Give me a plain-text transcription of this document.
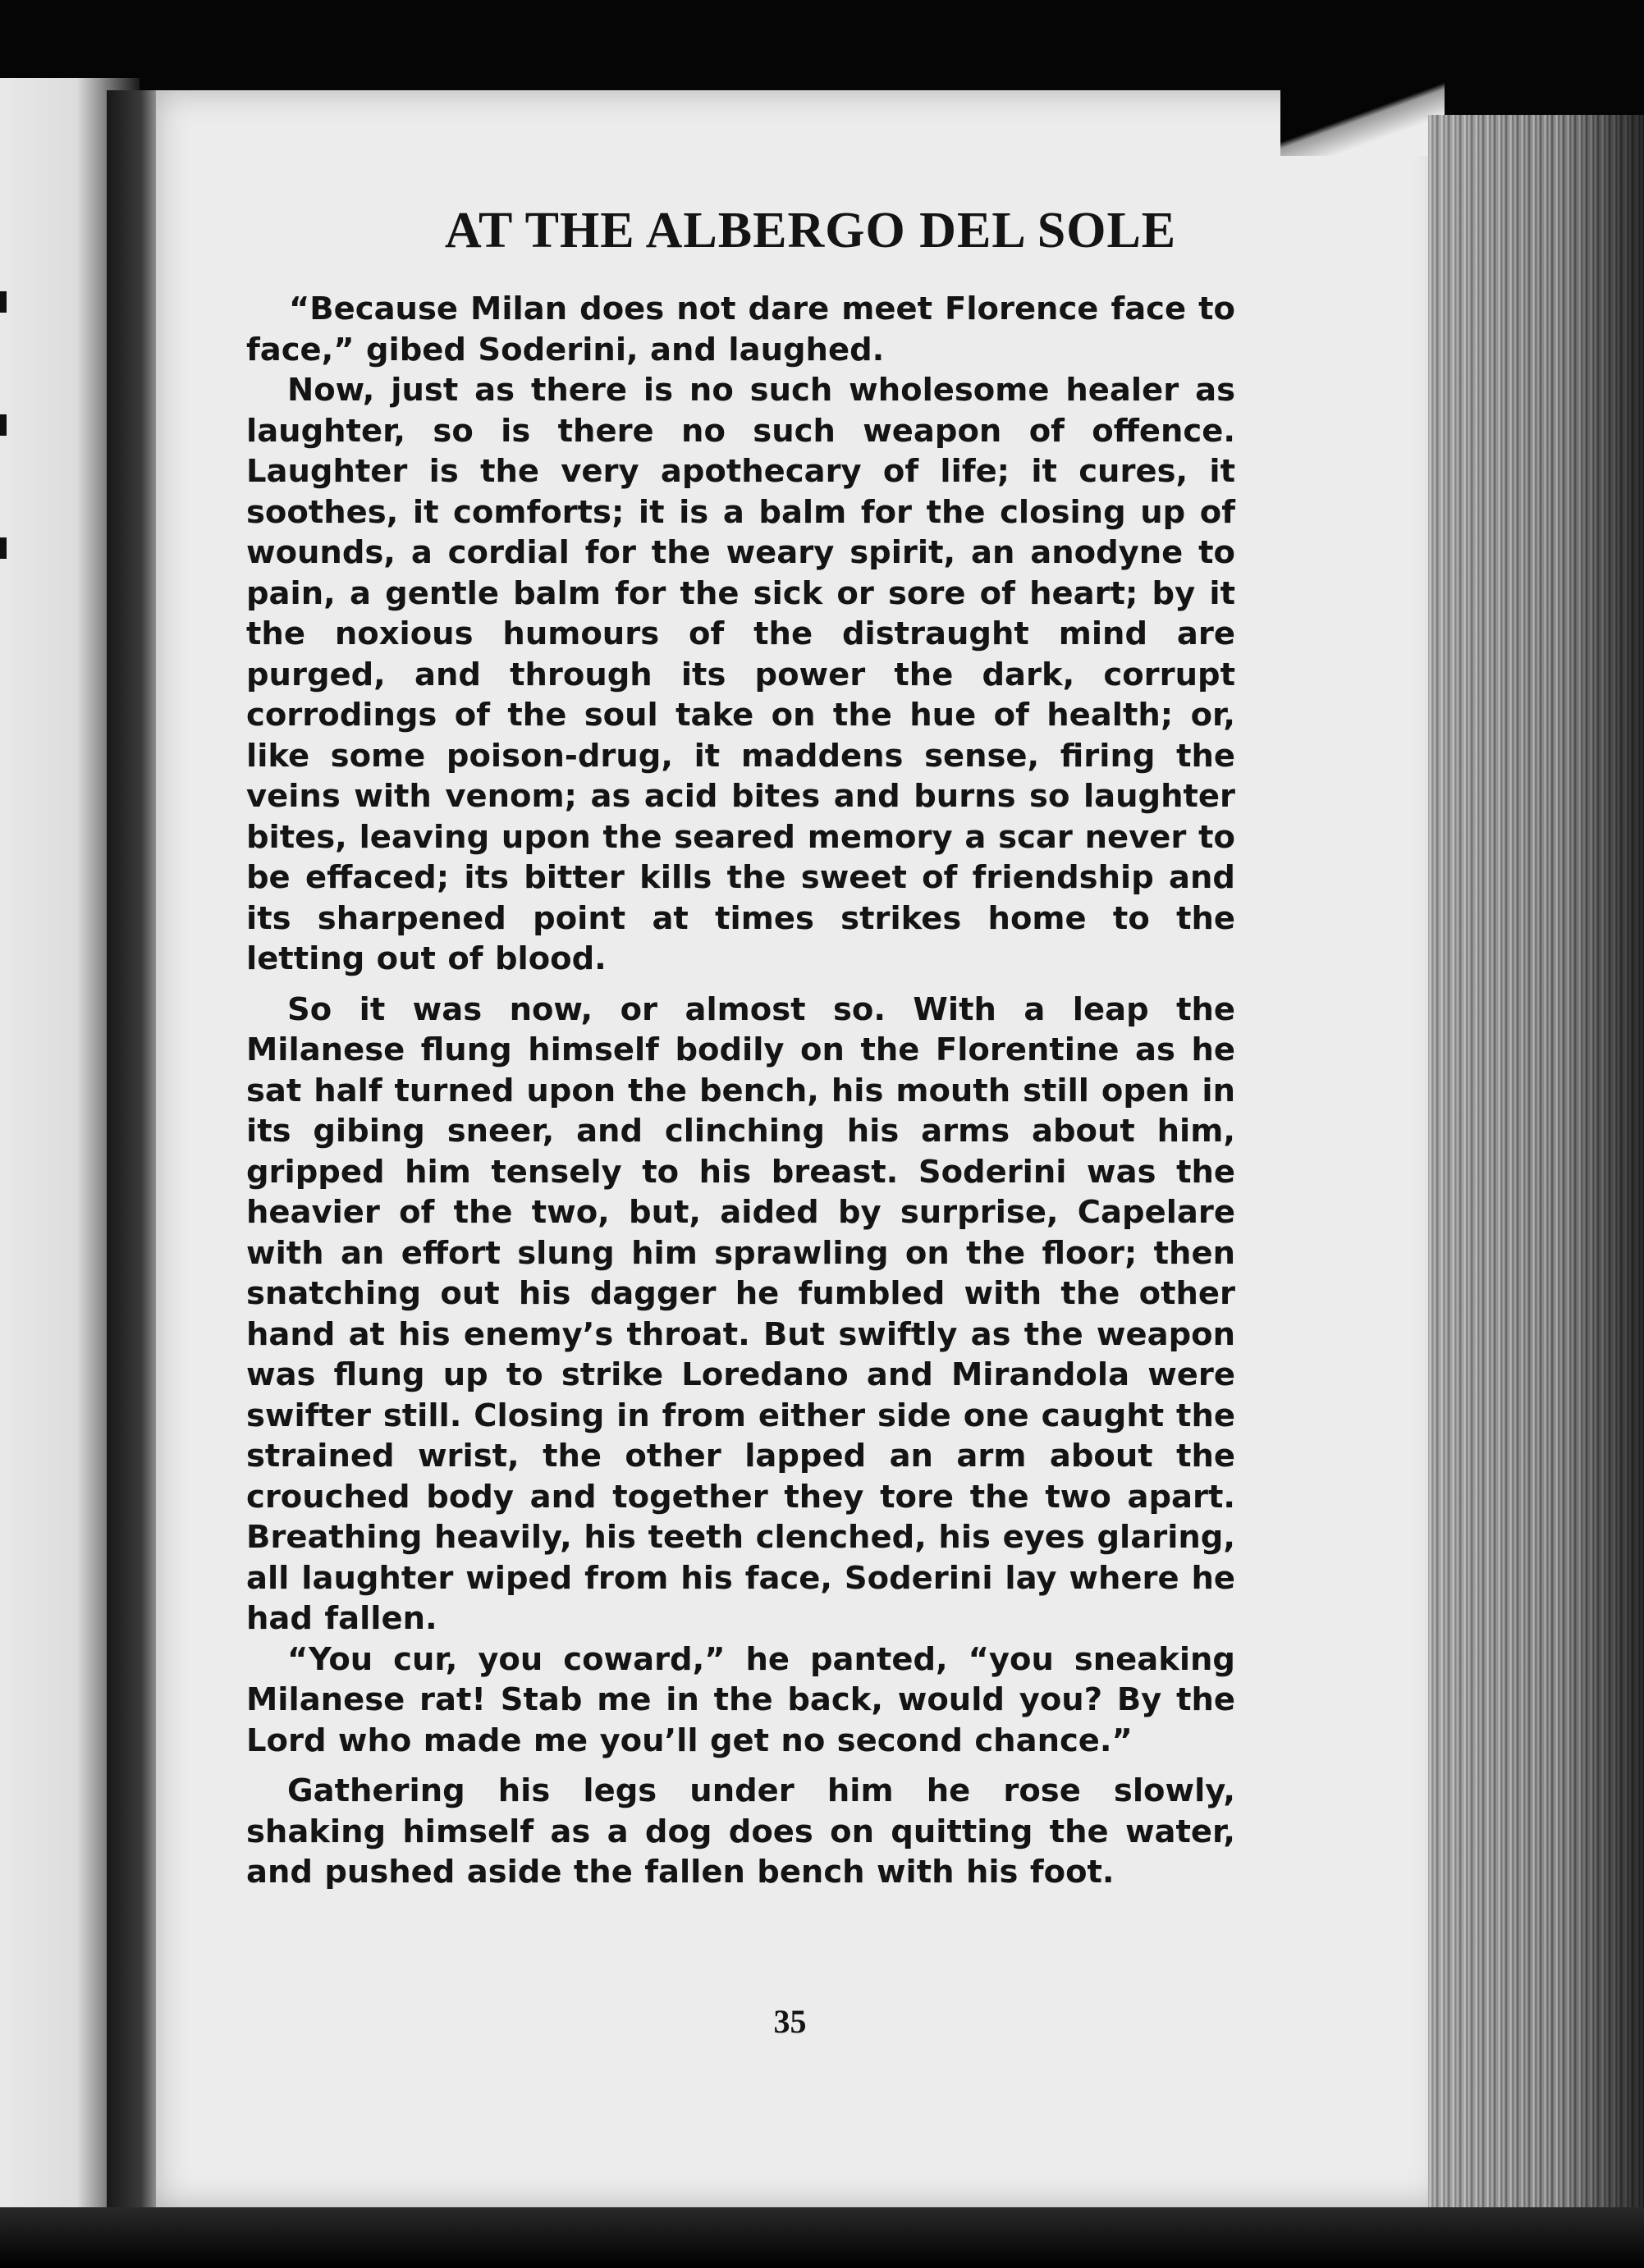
AT THE ALBERGO DEL SOLE

“Because Milan does not dare meet Florence face to face,” gibed Soderini, and laughed.

Now, just as there is no such wholesome healer as laughter, so is there no such weapon of offence. Laughter is the very apothecary of life; it cures, it soothes, it comforts; it is a balm for the closing up of wounds, a cordial for the weary spirit, an anodyne to pain, a gentle balm for the sick or sore of heart; by it the noxious humours of the distraught mind are purged, and through its power the dark, corrupt corrodings of the soul take on the hue of health; or, like some poison-drug, it maddens sense, firing the veins with venom; as acid bites and burns so laughter bites, leaving upon the seared memory a scar never to be effaced; its bitter kills the sweet of friendship and its sharpened point at times strikes home to the letting out of blood.

So it was now, or almost so. With a leap the Milanese flung himself bodily on the Florentine as he sat half turned upon the bench, his mouth still open in its gibing sneer, and clinching his arms about him, gripped him tensely to his breast. Soderini was the heavier of the two, but, aided by surprise, Capelare with an effort slung him sprawling on the floor; then snatching out his dagger he fumbled with the other hand at his enemy’s throat. But swiftly as the weapon was flung up to strike Loredano and Mirandola were swifter still. Closing in from either side one caught the strained wrist, the other lapped an arm about the crouched body and together they tore the two apart. Breathing heavily, his teeth clenched, his eyes glaring, all laughter wiped from his face, Soderini lay where he had fallen.

“You cur, you coward,” he panted, “you sneaking Milanese rat! Stab me in the back, would you? By the Lord who made me you’ll get no second chance.”

Gathering his legs under him he rose slowly, shaking himself as a dog does on quitting the water, and pushed aside the fallen bench with his foot.

35
